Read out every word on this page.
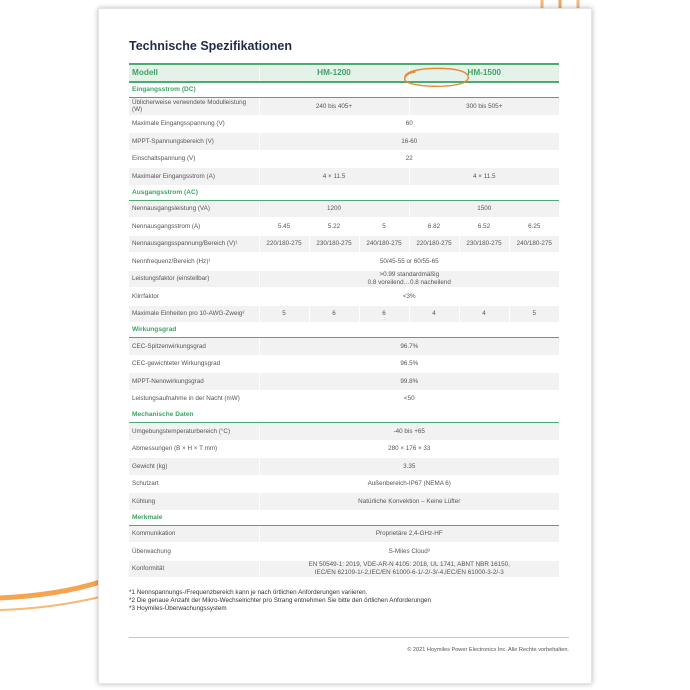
Technische Spezifikationen
Modell	HM-1200			HM-1500		
Eingangsstrom (DC)						
Üblicherweise verwendete Modulleistung (W)	240 bis 405+			300 bis 505+		
Maximale Eingangsspannung (V)	60					
MPPT-Spannungsbereich (V)	16-60					
Einschaltspannung (V)	22					
Maximaler Eingangsstrom (A)	4 × 11.5			4 × 11.5		
Ausgangsstrom (AC)						
Nennausgangsleistung (VA)	1200			1500		
Nennausgangsstrom (A)	5.45	5.22	5	6.82	6.52	6.25
Nennausgangsspannung/Bereich (V)¹	220/180-275	230/180-275	240/180-275	220/180-275	230/180-275	240/180-275
Nennfrequenz/Bereich (Hz)¹	50/45-55 or 60/55-65					
Leistungsfaktor (einstellbar)	>0.99 standardmäßig
0.8 voreilend…0.8 nacheilend					
Klirrfaktor	<3%					
Maximale Einheiten pro 10-AWG-Zweig²	5	6	6	4	4	5
Wirkungsgrad						
CEC-Spitzenwirkungsgrad	96.7%					
CEC-gewichteter Wirkungsgrad	96.5%					
MPPT-Nennwirkungsgrad	99.8%					
Leistungsaufnahme in der Nacht (mW)	<50					
Mechanische Daten						
Umgebungstemperaturbereich (°C)	-40 bis +65					
Abmessungen (B × H × T mm)	280 × 176 × 33					
Gewicht (kg)	3.35					
Schutzart	Außenbereich-IP67 (NEMA 6)					
Kühlung	Natürliche Konvektion – Keine Lüfter					
Merkmale						
Kommunikation	Proprietäre 2,4-GHz-HF					
Überwachung	S-Miles Cloud³					
Konformität	EN 50549-1: 2019, VDE-AR-N 4105: 2018, UL 1741, ABNT NBR 16150,
IEC/EN 62109-1/-2,IEC/EN 61000-6-1/-2/-3/-4,IEC/EN 61000-3-2/-3					
*1 Nennspannungs-/Frequenzbereich kann je nach örtlichen Anforderungen variieren.
*2 Die genaue Anzahl der Mikro-Wechselrichter pro Strang entnehmen Sie bitte den örtlichen Anforderungen
*3 Hoymiles-Überwachungssystem
© 2021 Hoymiles Power Electronics Inc. Alle Rechte vorbehalten.
